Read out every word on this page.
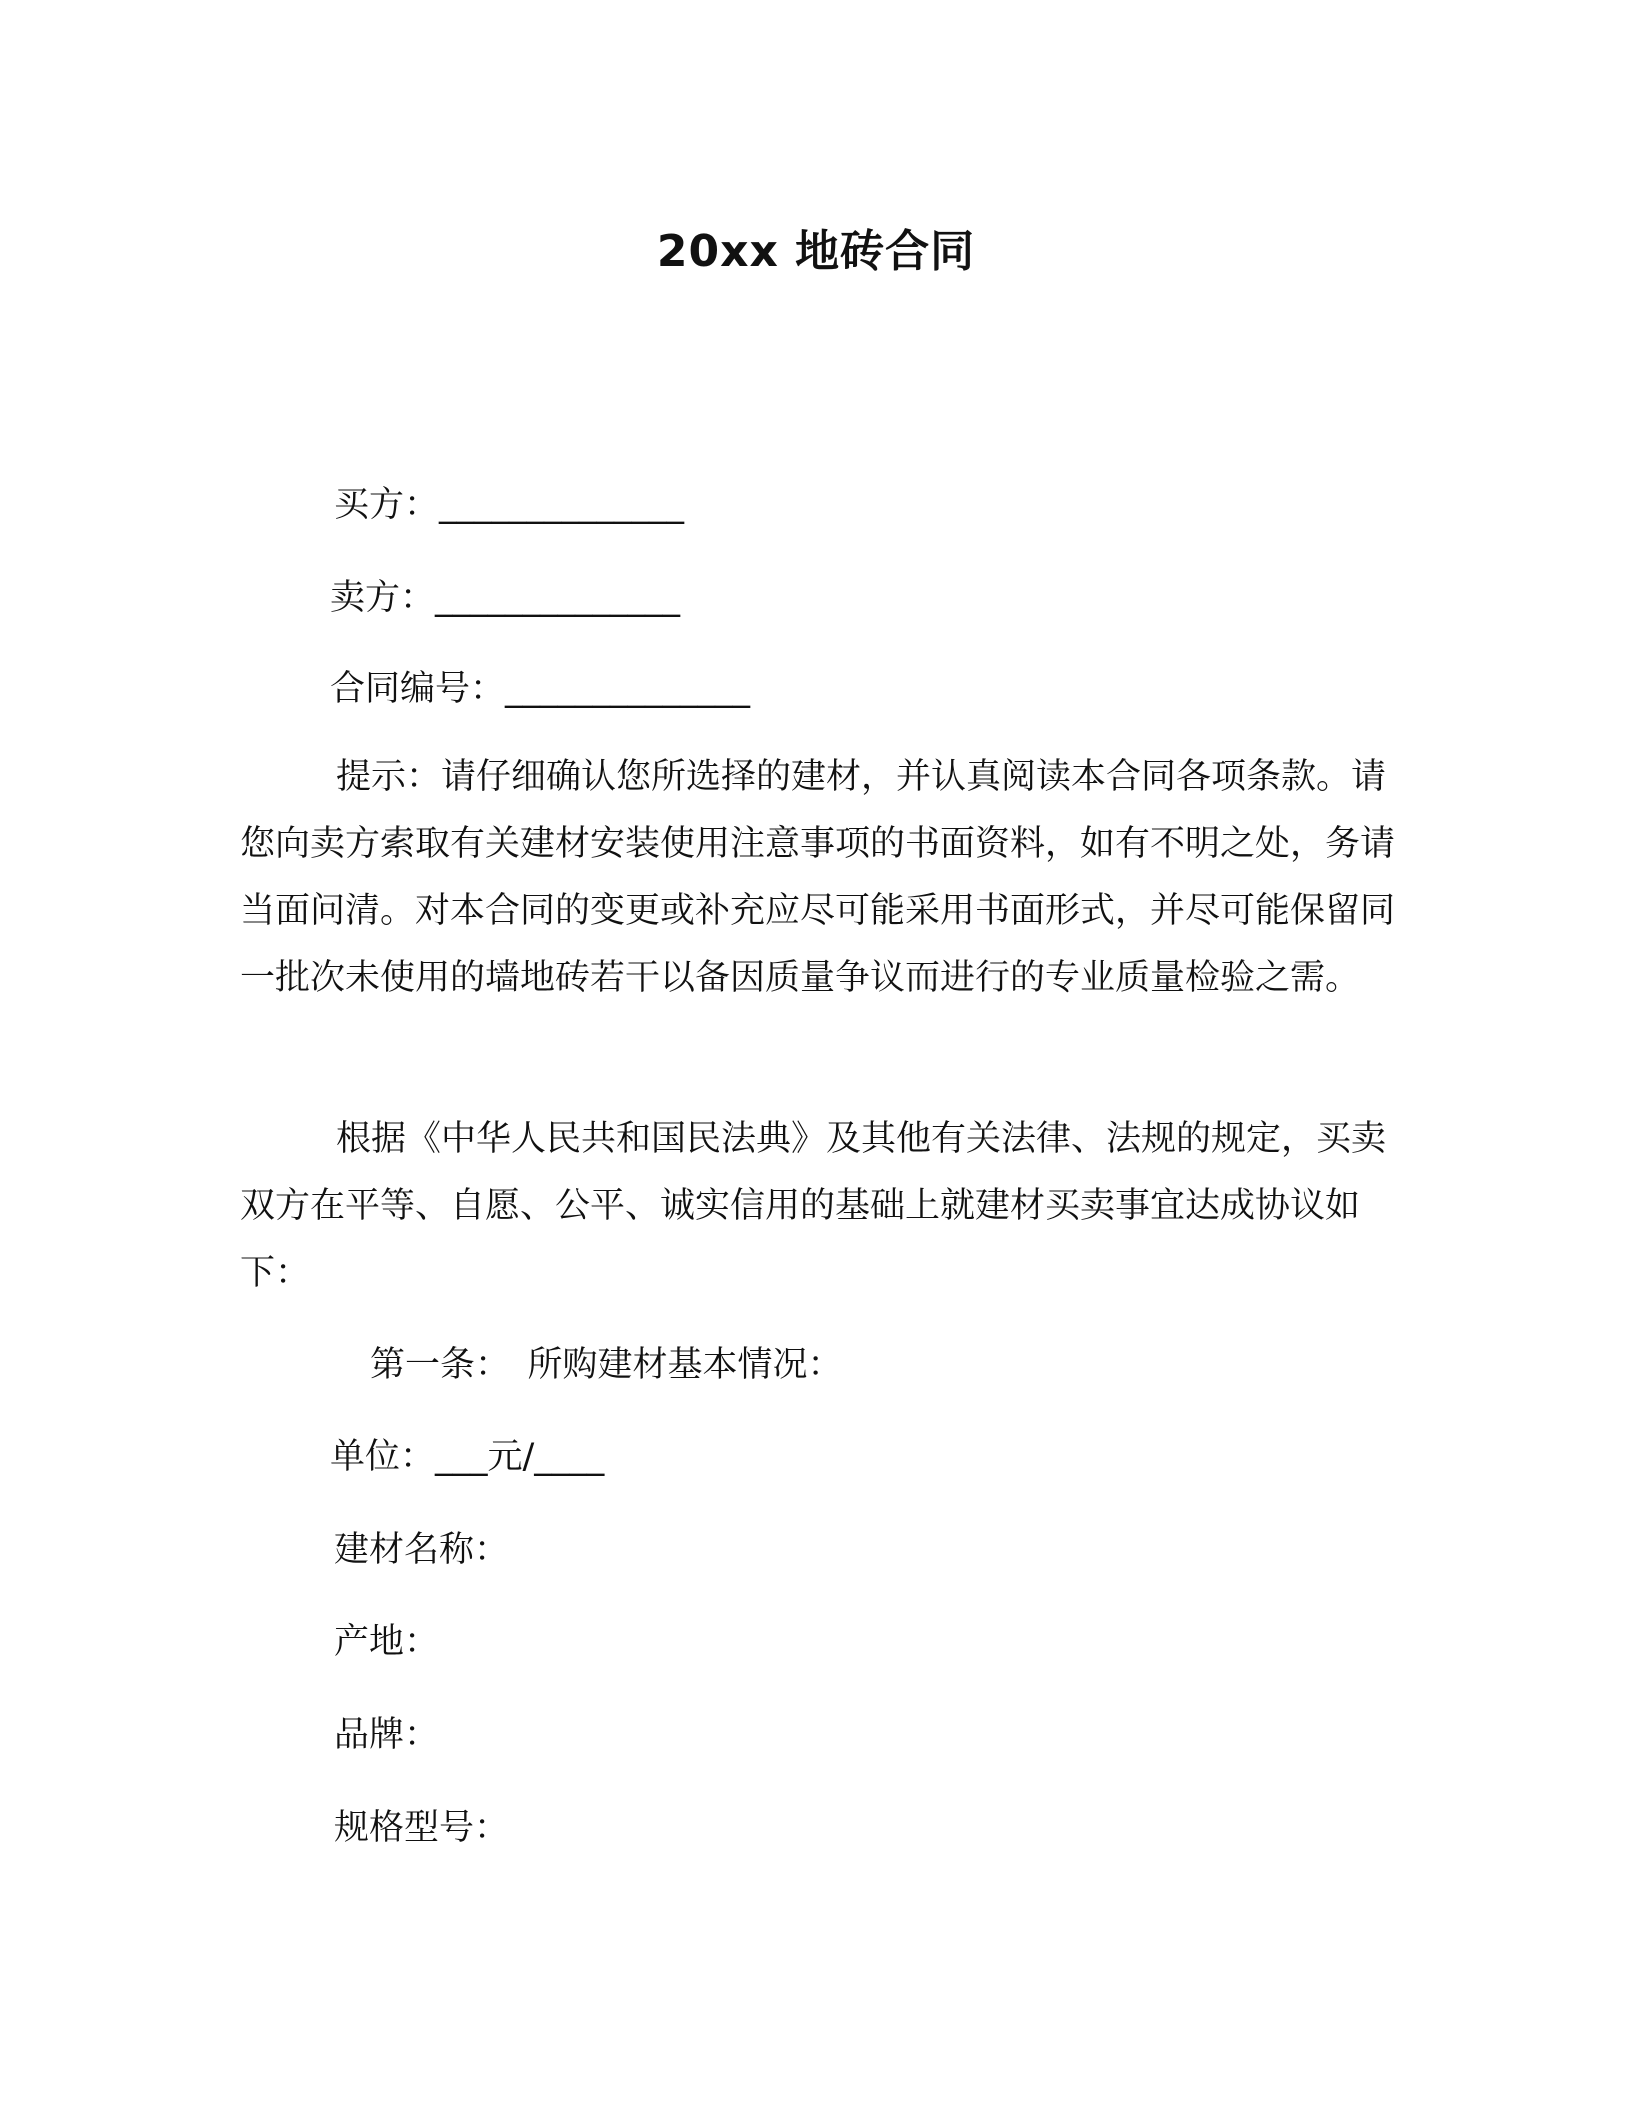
20xx 地砖合同
买方：______________
卖方：______________
合同编号：______________
提示：请仔细确认您所选择的建材，并认真阅读本合同各项条款。请您向卖方索取有关建材安装使用注意事项的书面资料，如有不明之处，务请当面问清。对本合同的变更或补充应尽可能采用书面形式，并尽可能保留同一批次未使用的墙地砖若干以备因质量争议而进行的专业质量检验之需。
根据《中华人民共和国民法典》及其他有关法律、法规的规定，买卖双方在平等、自愿、公平、诚实信用的基础上就建材买卖事宜达成协议如下：
第一条：　所购建材基本情况：
单位：___元/____
建材名称：
产地：
品牌：
规格型号：
